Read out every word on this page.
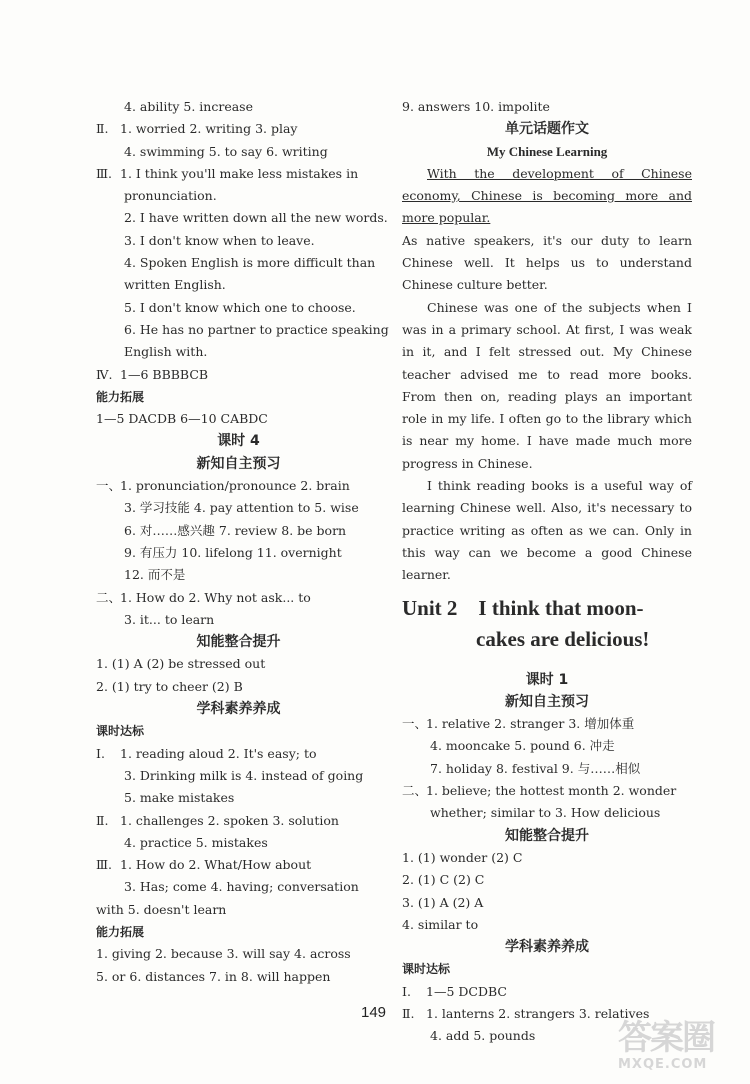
4. ability 5. increase
Ⅱ. 1. worried 2. writing 3. play
4. swimming 5. to say 6. writing
Ⅲ. 1. I think you'll make less mistakes in
pronunciation.
2. I have written down all the new words.
3. I don't know when to leave.
4. Spoken English is more difficult than
written English.
5. I don't know which one to choose.
6. He has no partner to practice speaking
English with.
Ⅳ. 1—6 BBBBCB
能力拓展
1—5 DACDB 6—10 CABDC
课时 4
新知自主预习
一、
1. pronunciation/pronounce 2. brain
3. 学习技能 4. pay attention to 5. wise
6. 对……感兴趣 7. review 8. be born
9. 有压力 10. lifelong 11. overnight
12. 而不是
二、
1. How do 2. Why not ask... to
3. it... to learn
知能整合提升
1. (1) A (2) be stressed out
2. (1) try to cheer (2) B
学科素养养成
课时达标
Ⅰ.	1. reading aloud 2. It's easy; to
3. Drinking milk is 4. instead of going
5. make mistakes
Ⅱ. 1. challenges 2. spoken 3. solution
4. practice 5. mistakes
Ⅲ. 1. How do 2. What/How about
3. Has; come 4. having; conversation
with 5. doesn't learn
能力拓展
1. giving 2. because 3. will say 4. across
5. or 6. distances 7. in 8. will happen
9. answers 10. impolite
单元话题作文
My Chinese Learning
With the development of Chinese economy, Chinese is becoming more and more popular. As native speakers, it's our duty to learn Chinese well. It helps us to understand Chinese culture better.
Chinese was one of the subjects when I was in a primary school. At first, I was weak in it, and I felt stressed out. My Chinese teacher advised me to read more books. From then on, reading plays an important role in my life. I often go to the library which is near my home. I have made much more progress in Chinese.
I think reading books is a useful way of learning Chinese well. Also, it's necessary to practice writing as often as we can. Only in this way can we become a good Chinese learner.
Unit 2    I think that moon-
cakes are delicious!
课时 1
新知自主预习
一、
1. relative 2. stranger 3. 增加体重
4. mooncake 5. pound 6. 冲走
7. holiday 8. festival 9. 与……相似
二、
1. believe; the hottest month 2. wonder
whether; similar to 3. How delicious
知能整合提升
1. (1) wonder (2) C
2. (1) C (2) C
3. (1) A (2) A
4. similar to
学科素养养成
课时达标
Ⅰ.	1—5 DCDBC
Ⅱ. 1. lanterns 2. strangers 3. relatives
4. add 5. pounds
149
答案圈
MXQE.COM
